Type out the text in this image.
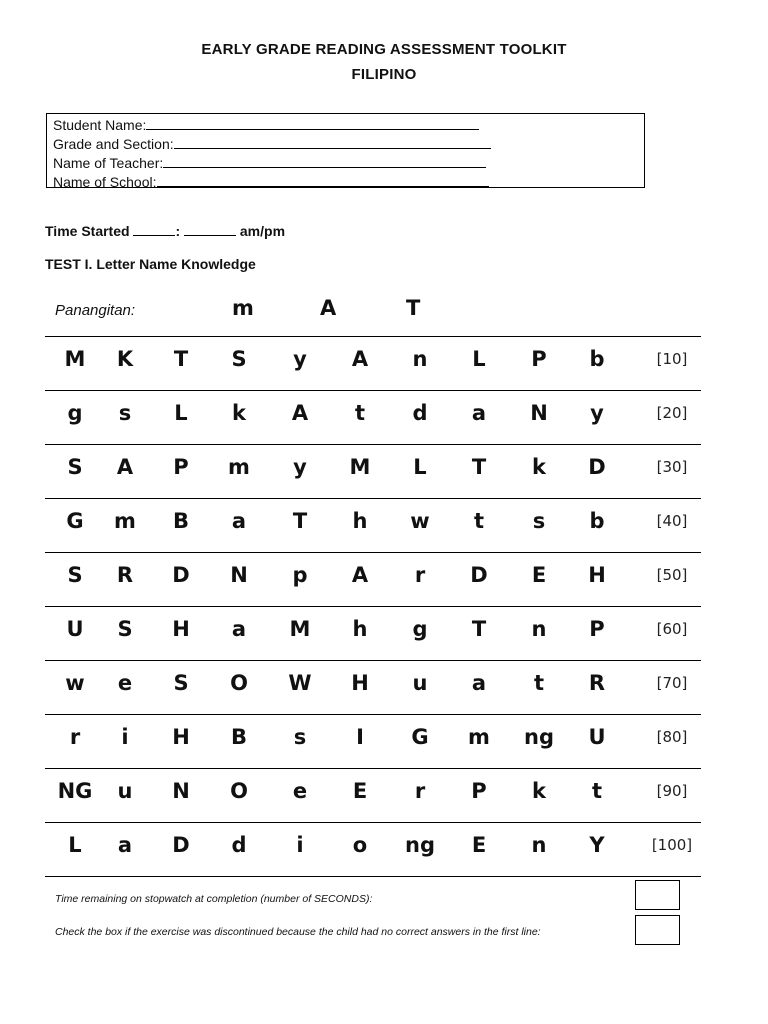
EARLY GRADE READING ASSESSMENT TOOLKIT
FILIPINO
Student Name:
Grade and Section:
Name of Teacher:
Name of School:
Time Started	:	am/pm
TEST I. Letter Name Knowledge
Panangitan:	m	A	T
M	K	T	S	y	A	n	L	P	b	[10]
g	s	L	k	A	t	d	a	N	y	[20]
S	A	P	m	y	M	L	T	k	D	[30]
G	m	B	a	T	h	w	t	s	b	[40]
S	R	D	N	p	A	r	D	E	H	[50]
U	S	H	a	M	h	g	T	n	P	[60]
w	e	S	O	W	H	u	a	t	R	[70]
r	i	H	B	s	I	G	m	ng	U	[80]
NG	u	N	O	e	E	r	P	k	t	[90]
L	a	D	d	i	o	ng	E	n	Y	[100]
Time remaining on stopwatch at completion (number of SECONDS):
Check the box if the exercise was discontinued because the child had no correct answers in the first line:
